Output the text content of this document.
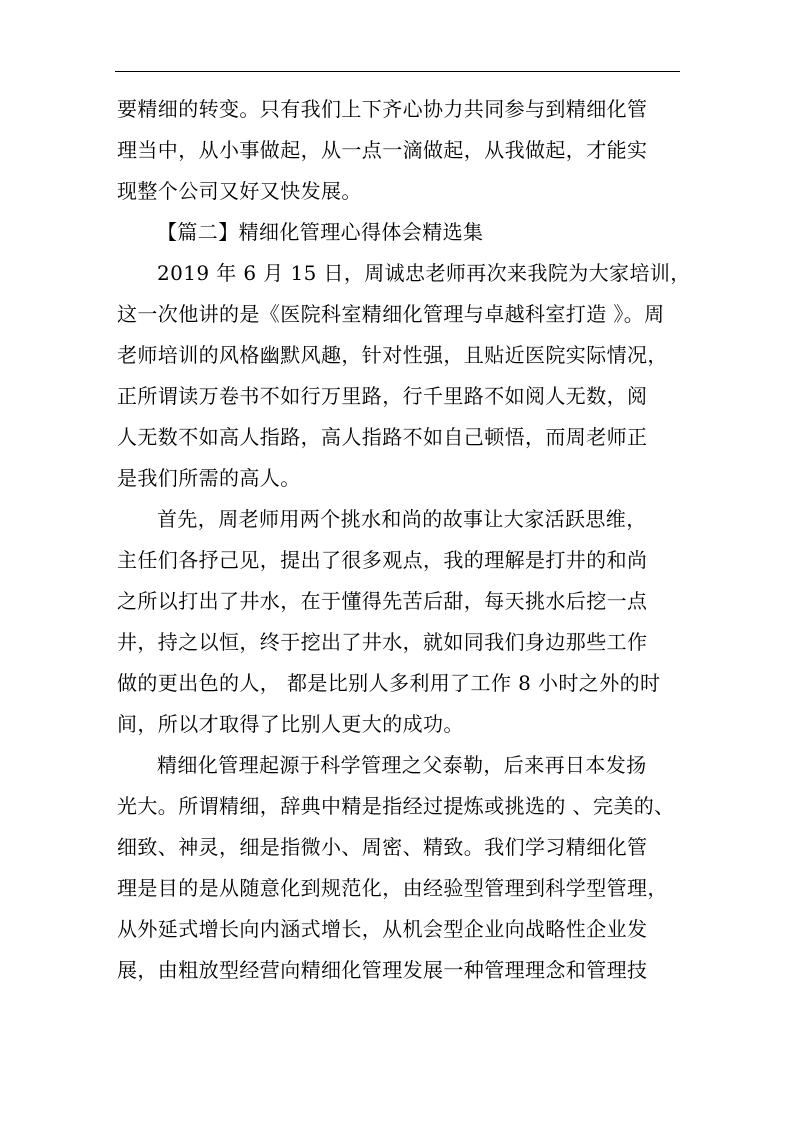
要精细的转变。只有我们上下齐心协力共同参与到精细化管
理当中，从小事做起，从一点一滴做起，从我做起，才能实
现整个公司又好又快发展。
【篇二】精细化管理心得体会精选集
2019 年 6 月 15 日，周诚忠老师再次来我院为大家培训，
这一次他讲的是《医院科室精细化管理与卓越科室打造 》。周
老师培训的风格幽默风趣，针对性强，且贴近医院实际情况，
正所谓读万卷书不如行万里路，行千里路不如阅人无数，阅
人无数不如高人指路，高人指路不如自己顿悟，而周老师正
是我们所需的高人。
首先，周老师用两个挑水和尚的故事让大家活跃思维，
主任们各抒己见，提出了很多观点，我的理解是打井的和尚
之所以打出了井水，在于懂得先苦后甜，每天挑水后挖一点
井，持之以恒，终于挖出了井水，就如同我们身边那些工作
做的更出色的人， 都是比别人多利用了工作 8 小时之外的时
间，所以才取得了比别人更大的成功。
精细化管理起源于科学管理之父泰勒，后来再日本发扬
光大。所谓精细，辞典中精是指经过提炼或挑选的 、完美的、
细致、神灵，细是指微小、周密、精致。我们学习精细化管
理是目的是从随意化到规范化，由经验型管理到科学型管理，
从外延式增长向内涵式增长，从机会型企业向战略性企业发
展，由粗放型经营向精细化管理发展一种管理理念和管理技
